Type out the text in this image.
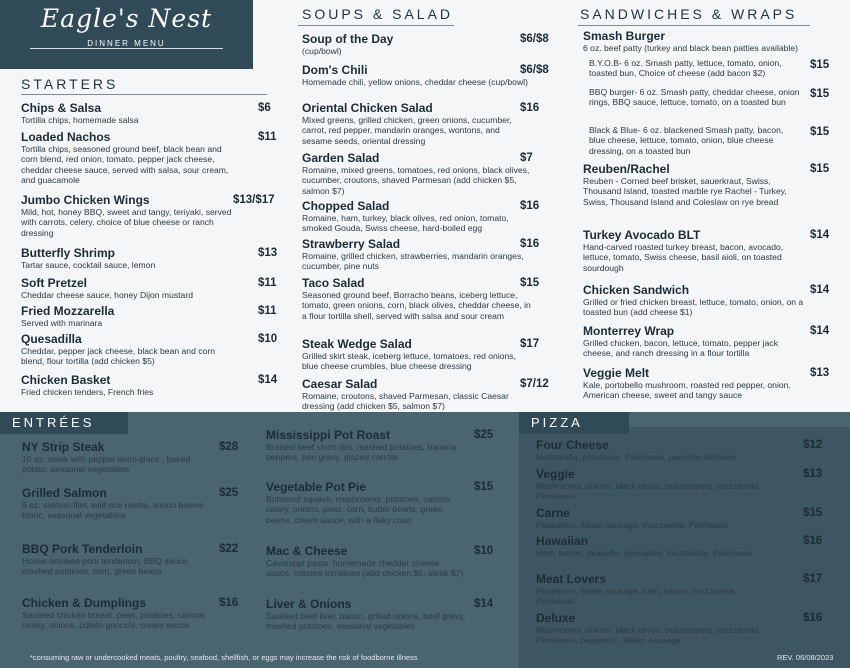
Eagle's Nest
DINNER MENU
STARTERS
SOUPS & SALAD	SANDWICHES & WRAPS
Chips & Salsa
Tortilla chips, homemade salsa
$6
Loaded Nachos
Tortilla chips, seasoned ground beef, black bean and corn blend, red onion, tomato, pepper jack cheese, cheddar cheese sauce, served with salsa, sour cream, and guacamole
$11
Jumbo Chicken Wings
Mild, hot, honey BBQ, sweet and tangy, teriyaki, served with carrots, celery, choice of blue cheese or ranch dressing
$13/$17
Butterfly Shrimp
Tartar sauce, cocktail sauce, lemon
$13
Soft Pretzel
Cheddar cheese sauce, honey Dijon mustard
$11
Fried Mozzarella
Served with marinara
$11
Quesadilla
Cheddar, pepper jack cheese, black bean and corn blend, flour tortilla (add chicken $5)
$10
Chicken Basket
Fried chicken tenders, French fries
$14
Soup of the Day
(cup/bowl)
$6/$8
Dom's Chili
Homemade chili, yellow onions, cheddar cheese (cup/bowl)
$6/$8
Oriental Chicken Salad
Mixed greens, grilled chicken, green onions, cucumber, carrot, red pepper, mandarin oranges, wontons, and sesame seeds, oriental dressing
$16
Garden Salad
Romaine, mixed greens, tomatoes, red onions, black olives, cucumber, croutons, shaved Parmesan (add chicken $5, salmon $7)
$7
Chopped Salad
Romaine, ham, turkey, black olives, red onion, tomato, smoked Gouda, Swiss cheese, hard-boiled egg
$16
Strawberry Salad
Romaine, grilled chicken, strawberries, mandarin oranges, cucumber, pine nuts
$16
Taco Salad
Seasoned ground beef, Borracho beans, iceberg lettuce, tomato, green onions, corn, black olives, cheddar cheese, in a flour tortilla shell, served with salsa and sour cream
$15
Steak Wedge Salad
Grilled skirt steak, iceberg lettuce, tomatoes, red onions, blue cheese crumbles, blue cheese dressing
$17
Caesar Salad
Romaine, croutons, shaved Parmesan, classic Caesar dressing (add chicken $5, salmon $7)
$7/12
Smash Burger
6 oz. beef patty (turkey and black bean patties available)
B.Y.O.B- 6 oz. Smash patty, lettuce, tomato, onion, toasted bun, Choice of cheese (add bacon $2)
$15
BBQ burger- 6 oz. Smash patty, cheddar cheese, onion rings, BBQ sauce, lettuce, tomato, on a toasted bun
$15
Black & Blue- 6 oz. blackened Smash patty, bacon, blue cheese, lettuce, tomato, onion, blue cheese dressing, on a toasted bun
$15
Reuben/Rachel
Reuben - Corned beef brisket, sauerkraut, Swiss, Thousand Island, toasted marble rye Rachel - Turkey, Swiss, Thousand Island and Coleslaw on rye bread
$15
Turkey Avocado BLT
Hand-carved roasted turkey breast, bacon, avocado, lettuce, tomato, Swiss cheese, basil aioli, on toasted sourdough
$14
Chicken Sandwich
Grilled or fried chicken breast, lettuce, tomato, onion, on a toasted bun (add cheese $1)
$14
Monterrey Wrap
Grilled chicken, bacon, lettuce, tomato, pepper jack cheese, and ranch dressing in a flour tortilla
$14
Veggie Melt
Kale, portobello mushroom, roasted red pepper, onion, American cheese, sweet and tangy sauce
$13
ENTRÉES	PIZZA
NY Strip Steak
10 oz. steak with pepper demi-glace , baked potato, seasonal vegetables
$28
Grilled Salmon
6 oz. salmon filet, wild rice risotto, lemon buerre blanc, seasonal vegetables
$25
BBQ Pork Tenderloin
House-smoked pork tenderloin, BBQ sauce, mashed potatoes, corn, green beans
$22
Chicken & Dumplings
Sautéed chicken breast, peas, potatoes, carrots, celery, onions, potato gnocchi, cream sauce
$16
Mississippi Pot Roast
Braised beef short ribs, mashed potatoes, banana peppers, pan gravy, glazed carrots
$25
Vegetable Pot Pie
Butternut squash, mushrooms, potatoes, carrots, celery, onions, peas, corn, butter beans, green beans, cream sauce, with a flaky crust
$15
Mac & Cheese
Cavatappi pasta, homemade cheddar cheese sauce, roasted tomatoes (add chicken $5, steak $7)
$10
Liver & Onions
Sautéed beef liver, bacon, grilled onions, beef gravy, mashed potatoes, seasonal vegetables
$14
Four Cheese
Mozzarella, provolone, Parmesan, pecorino Romano
$12
Veggie
Mushrooms, onions, black olives, bell peppers, mozzarella, Parmesan
$13
Carne
Pepperoni, Italian sausage, mozzarella, Parmesan
$15
Hawaiian
Ham, bacon, jalapeño, pineapple, mozzarella, Parmesan
$16
Meat Lovers
Pepperoni, Italian sausage, ham, bacon, mozzarella, Parmesan
$17
Deluxe
Mushrooms, onions, black olives, bell peppers, mozzarella, Parmesan, pepperoni, Italian sausage
$16
*consuming raw or undercooked meats, poultry, seafood, shellfish, or eggs may increase the risk of foodborne illness	REV. 06/08/2023
